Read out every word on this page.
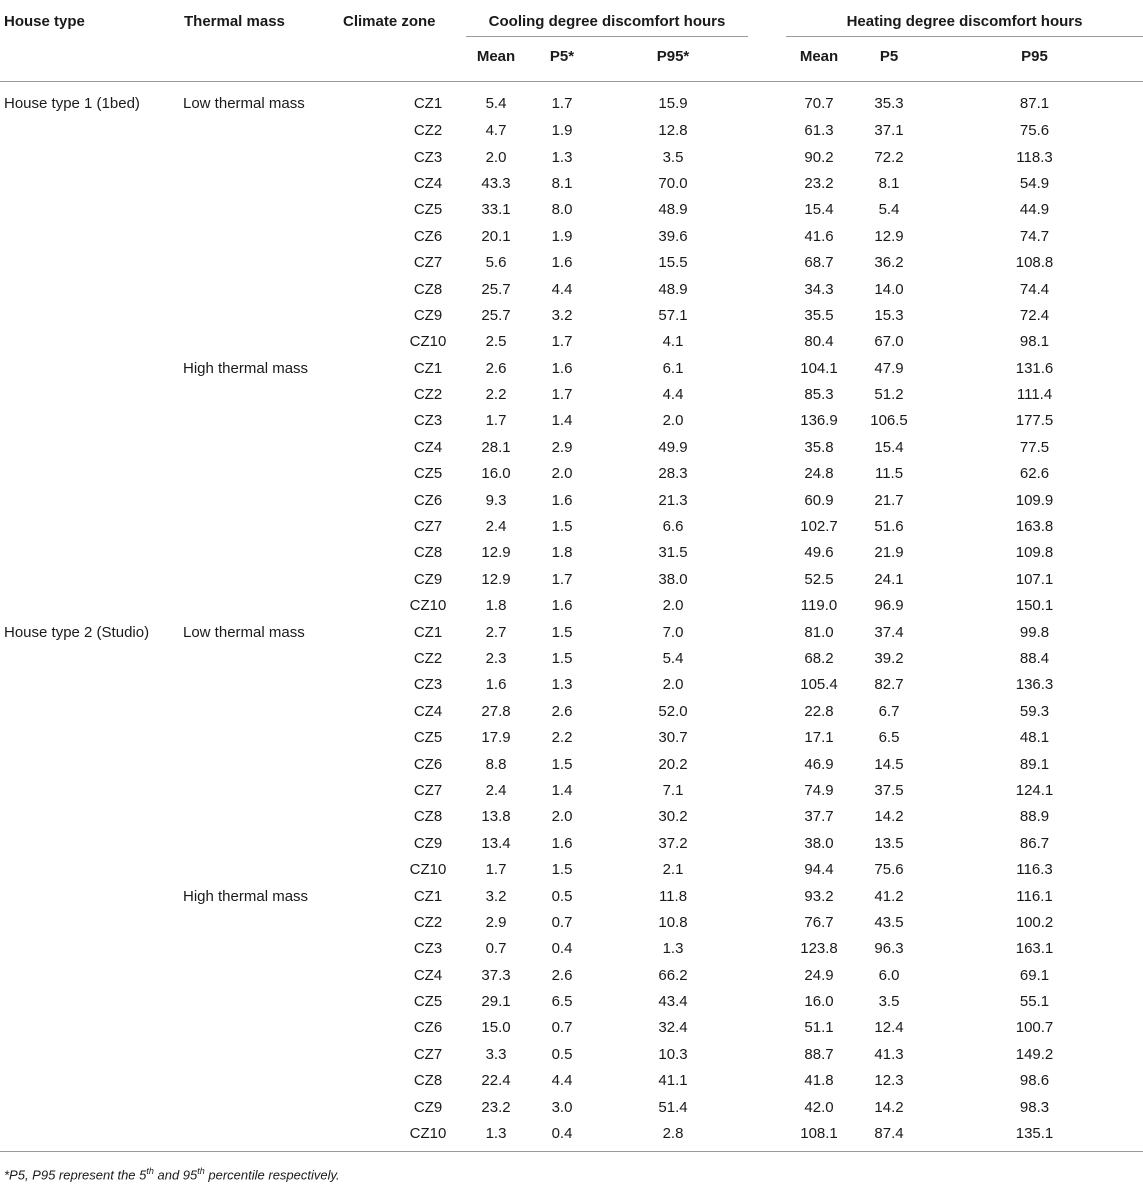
House type	Thermal mass	Climate zone	Cooling degree discomfort hours				Heating degree discomfort hours		

			Mean	P5*	P95*		Mean	P5	P95
House type 1 (1bed)	Low thermal mass	CZ1	5.4	1.7	15.9		70.7	35.3	87.1
		CZ2	4.7	1.9	12.8		61.3	37.1	75.6
		CZ3	2.0	1.3	3.5		90.2	72.2	118.3
		CZ4	43.3	8.1	70.0		23.2	8.1	54.9
		CZ5	33.1	8.0	48.9		15.4	5.4	44.9
		CZ6	20.1	1.9	39.6		41.6	12.9	74.7
		CZ7	5.6	1.6	15.5		68.7	36.2	108.8
		CZ8	25.7	4.4	48.9		34.3	14.0	74.4
		CZ9	25.7	3.2	57.1		35.5	15.3	72.4
		CZ10	2.5	1.7	4.1		80.4	67.0	98.1
	High thermal mass	CZ1	2.6	1.6	6.1		104.1	47.9	131.6
		CZ2	2.2	1.7	4.4		85.3	51.2	111.4
		CZ3	1.7	1.4	2.0		136.9	106.5	177.5
		CZ4	28.1	2.9	49.9		35.8	15.4	77.5
		CZ5	16.0	2.0	28.3		24.8	11.5	62.6
		CZ6	9.3	1.6	21.3		60.9	21.7	109.9
		CZ7	2.4	1.5	6.6		102.7	51.6	163.8
		CZ8	12.9	1.8	31.5		49.6	21.9	109.8
		CZ9	12.9	1.7	38.0		52.5	24.1	107.1
		CZ10	1.8	1.6	2.0		119.0	96.9	150.1
House type 2 (Studio)	Low thermal mass	CZ1	2.7	1.5	7.0		81.0	37.4	99.8
		CZ2	2.3	1.5	5.4		68.2	39.2	88.4
		CZ3	1.6	1.3	2.0		105.4	82.7	136.3
		CZ4	27.8	2.6	52.0		22.8	6.7	59.3
		CZ5	17.9	2.2	30.7		17.1	6.5	48.1
		CZ6	8.8	1.5	20.2		46.9	14.5	89.1
		CZ7	2.4	1.4	7.1		74.9	37.5	124.1
		CZ8	13.8	2.0	30.2		37.7	14.2	88.9
		CZ9	13.4	1.6	37.2		38.0	13.5	86.7
		CZ10	1.7	1.5	2.1		94.4	75.6	116.3
	High thermal mass	CZ1	3.2	0.5	11.8		93.2	41.2	116.1
		CZ2	2.9	0.7	10.8		76.7	43.5	100.2
		CZ3	0.7	0.4	1.3		123.8	96.3	163.1
		CZ4	37.3	2.6	66.2		24.9	6.0	69.1
		CZ5	29.1	6.5	43.4		16.0	3.5	55.1
		CZ6	15.0	0.7	32.4		51.1	12.4	100.7
		CZ7	3.3	0.5	10.3		88.7	41.3	149.2
		CZ8	22.4	4.4	41.1		41.8	12.3	98.6
		CZ9	23.2	3.0	51.4		42.0	14.2	98.3
		CZ10	1.3	0.4	2.8		108.1	87.4	135.1
*P5, P95 represent the 5th and 95th percentile respectively.
